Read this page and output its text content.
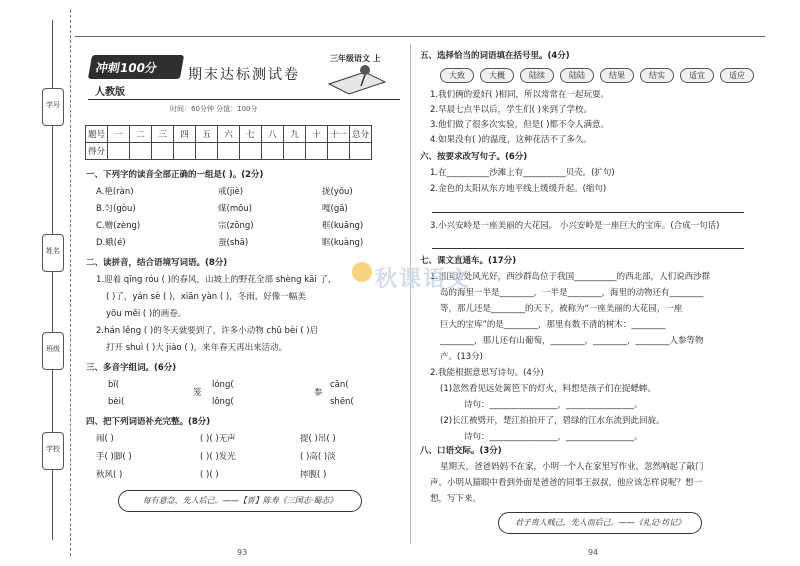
学号
姓名
班级
学校
冲刺100分
人教版
期末达标测试卷
三年级语文 上
时间：60分钟 分值：100分
题号	一	二	三	四	五	六	七	八	九	十	十一	总分
得分												
一、下列字的读音全部正确的一组是( )。(2分)
A.艳(ràn)	戒(jiè)	拢(yǒu)
B.匀(gòu)	煤(mǒu)	嘎(gā)
C.赠(zèng)	宗(zōng)	框(kuāng)
D.蛾(é)	蚕(shā)	眶(kuàng)
二、读拼音，结合语境写词语。(8分)
1.迎着 qīng róu ( )的春风，山坡上的野花全部 shèng kāi 了，
( )了，yán sè ( )，xiān yàn ( )，冬雨，好像一幅美
yōu měi ( )的画卷。
2.hán lěng ( )的冬天就要到了，许多小动物 chǔ bèi ( )启
打开 shuì ( )大 jiào ( )，来年春天再出来活动。
三、多音字组词。(6分)
bǐ(
bèi(
笼
lóng(
lǒng(
参
cān(
shēn(
四、把下列词语补充完整。(8分)
闹( )	( )( )无声	提( )吊( )
手( )脚( )	( )( )发光	( )高( )淡
秋风( )	( )( )	摔腹( )
每有意急，先人后己。——【晋】陈寿《三国志·蜀志》
93
五、选择恰当的词语填在括号里。(4分)
大致	大概	陆续	陆陆	结果	结实	适宜	适应
1.我们俩的爱好( )相同，所以常常在一起玩耍。
2.早晨七点半以后，学生们( )来到了学校。
3.他们做了很多次实验，但是( )都不令人满意。
4.如果没有( )的温度，这种花活不了多久。
六、按要求改写句子。(6分)
1.在__________沙滩上有__________贝壳。(扩句)
2.金色的太阳从东方地平线上缓缓升起。(缩句)
3.小兴安岭是一座美丽的大花园。 小兴安岭是一座巨大的宝库。(合成一句话)
七、课文直通车。(17分)
1.祖国边处风光好，西沙群岛位于我国__________的西北部，人们说西沙群
岛的海里一半是________，一半是________，海里的动物还有________
等，那儿还是________的天下，被称为“一座美丽的大花园，一座
巨大的宝库”的是________，那里有数不清的树木：________
________，那儿还有山葡萄，________，________，________人参等物
产。(13分)
2.我能根据意思写诗句。(4分)
(1)忽然看见远处篱笆下的灯火，料想是孩子们在捉蟋蟀。
诗句：________________，________________。
(2)长江被劈开，楚江拍拍开了，碧绿的江水东流到此回旋。
诗句：________________，________________。
八、口语交际。(3分)
星期天，爸爸妈妈不在家，小明一个人在家里写作业，忽然响起了敲门
声。小明从猫眼中看到外面是爸爸的同事王叔叔，他应该怎样说呢？想一
想，写下来。
君子贵人贱己，先人而后己。——《礼记·坊记》
94
秋课语文
